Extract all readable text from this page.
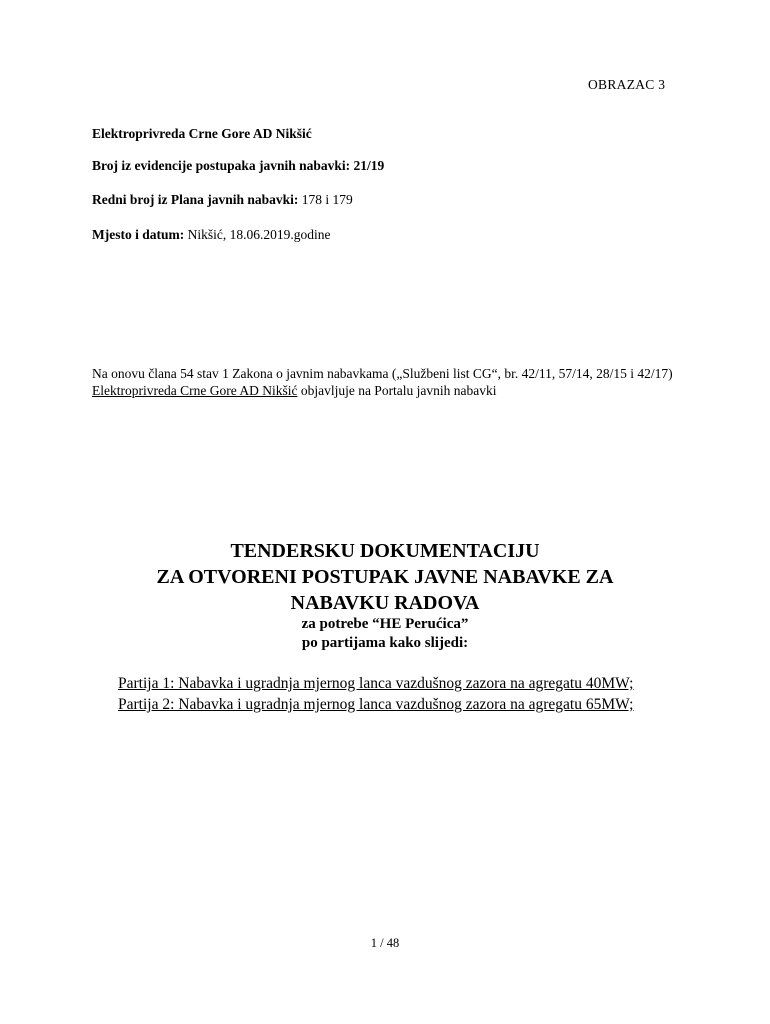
OBRAZAC 3
Elektroprivreda Crne Gore AD Nikšić
Broj iz evidencije postupaka javnih nabavki: 21/19
Redni broj iz Plana javnih nabavki: 178 i 179
Mjesto i datum: Nikšić, 18.06.2019.godine
Na onovu člana 54 stav 1 Zakona o javnim nabavkama („Službeni list CG“, br. 42/11, 57/14, 28/15 i 42/17) Elektroprivreda Crne Gore AD Nikšić objavljuje na Portalu javnih nabavki
TENDERSKU DOKUMENTACIJU
ZA OTVORENI POSTUPAK JAVNE NABAVKE ZA
NABAVKU RADOVA
za potrebe “HE Perućica”
po partijama kako slijedi:
Partija 1: Nabavka i ugradnja mjernog lanca vazdušnog zazora na agregatu 40MW;
Partija 2: Nabavka i ugradnja mjernog lanca vazdušnog zazora na agregatu 65MW;
1 / 48
